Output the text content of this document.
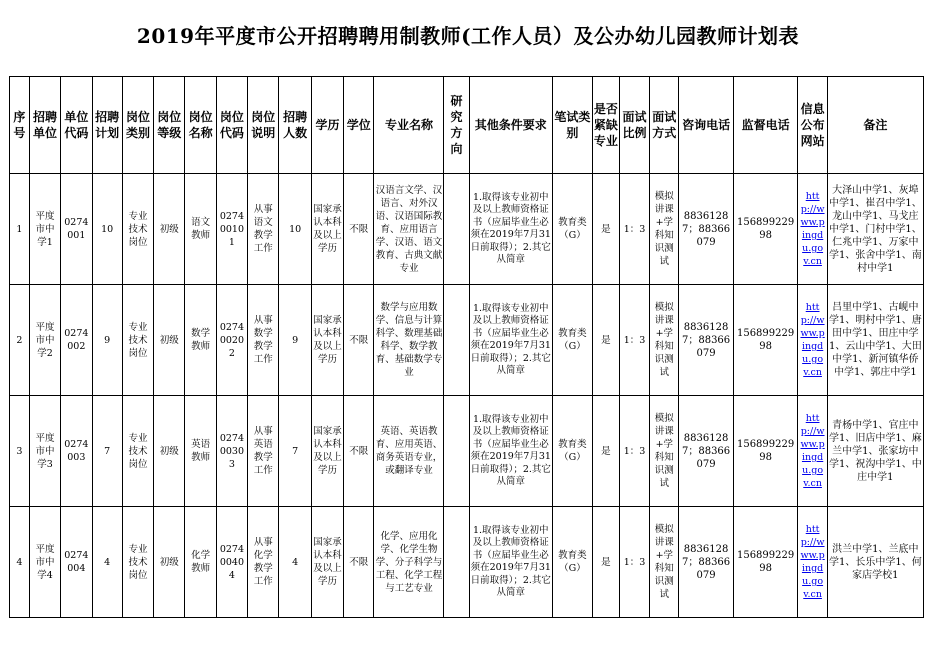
2019年平度市公开招聘聘用制教师(工作人员）及公办幼儿园教师计划表
序号	招聘单位	单位代码	招聘计划	岗位类别	岗位等级	岗位名称	岗位代码	岗位说明	招聘人数	学历	学位	专业名称	研究方向	其他条件要求	笔试类别	是否紧缺专业	面试比例	面试方式	咨询电话	监督电话	信息公布网站	备注
1	平度市中学1	0274001	10	专业技术岗位	初级	语文教师	027400101	从事语文教学工作	10	国家承认本科及以上学历	不限	汉语言文学、汉语言、对外汉语、汉语国际教育、应用语言学、汉语、语文教育、古典文献专业		1.取得该专业初中及以上教师资格证书（应届毕业生必须在2019年7月31日前取得）；2.其它从简章	教育类（G）	是	1：3	模拟讲课+学科知识测试	88361287；88366079	15689922998	http://www.pingdu.gov.cn	大泽山中学1、灰埠中学1、崔召中学1、龙山中学1、马戈庄中学1、门村中学1、仁兆中学1、万家中学1、张舍中学1、南村中学1
2	平度市中学2	0274002	9	专业技术岗位	初级	数学教师	027400202	从事数学教学工作	9	国家承认本科及以上学历	不限	数学与应用数学、信息与计算科学、数理基础科学、数学教育、基础数学专业		1.取得该专业初中及以上教师资格证书（应届毕业生必须在2019年7月31日前取得）；2.其它从简章	教育类（G）	是	1：3	模拟讲课+学科知识测试	88361287；88366079	15689922998	http://www.pingdu.gov.cn	吕里中学1、古岘中学1、明村中学1、唐田中学1、田庄中学1、云山中学1、大田中学1、新河镇华侨中学1、郭庄中学1
3	平度市中学3	0274003	7	专业技术岗位	初级	英语教师	027400303	从事英语教学工作	7	国家承认本科及以上学历	不限	英语、英语教育、应用英语、商务英语专业，或翻译专业		1.取得该专业初中及以上教师资格证书（应届毕业生必须在2019年7月31日前取得）；2.其它从简章	教育类（G）	是	1：3	模拟讲课+学科知识测试	88361287；88366079	15689922998	http://www.pingdu.gov.cn	青杨中学1、官庄中学1、旧店中学1、麻兰中学1、张家坊中学1、祝沟中学1、中庄中学1
4	平度市中学4	0274004	4	专业技术岗位	初级	化学教师	027400404	从事化学教学工作	4	国家承认本科及以上学历	不限	化学、应用化学、化学生物学、分子科学与工程、化学工程与工艺专业		1.取得该专业初中及以上教师资格证书（应届毕业生必须在2019年7月31日前取得）；2.其它从简章	教育类（G）	是	1：3	模拟讲课+学科知识测试	88361287；88366079	15689922998	http://www.pingdu.gov.cn	洪兰中学1、兰底中学1、长乐中学1、何家店学校1
